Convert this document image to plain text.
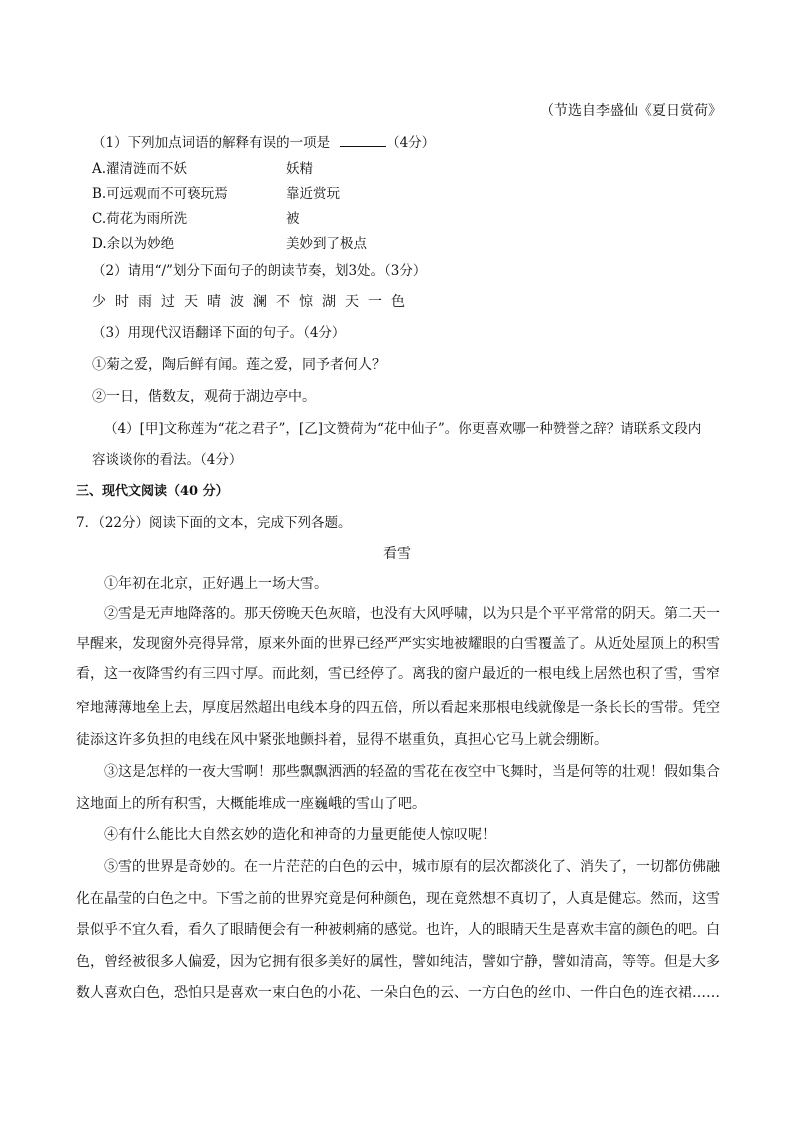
（节选自李盛仙《夏日赏荷》
（1）下列加点词语的解释有误的一项是	（4分）
A.濯清涟而不妖	妖精
B.可远观而不可亵玩焉	靠近赏玩
C.荷花为雨所洗	被
D.余以为妙绝	美妙到了极点
（2）请用“/”划分下面句子的朗读节奏，划3处。（3分）
少时雨过天晴波澜不惊湖天一色
（3）用现代汉语翻译下面的句子。（4分）
①菊之爱，陶后鲜有闻。莲之爱，同予者何人？
②一日，偕数友，观荷于湖边亭中。
（4）[甲]文称莲为“花之君子”，[乙]文赞荷为“花中仙子”。你更喜欢哪一种赞誉之辞？请联系文段内
容谈谈你的看法。（4分）
三、现代文阅读（40 分）
7．（22分）阅读下面的文本，完成下列各题。
看雪
①年初在北京，正好遇上一场大雪。
②雪是无声地降落的。那天傍晚天色灰暗，也没有大风呼啸，以为只是个平平常常的阴天。第二天一
早醒来，发现窗外亮得异常，原来外面的世界已经严严实实地被耀眼的白雪覆盖了。从近处屋顶上的积雪
看，这一夜降雪约有三四寸厚。而此刻，雪已经停了。离我的窗户最近的一根电线上居然也积了雪，雪窄
窄地薄薄地垒上去，厚度居然超出电线本身的四五倍，所以看起来那根电线就像是一条长长的雪带。凭空
徒添这许多负担的电线在风中紧张地颤抖着，显得不堪重负，真担心它马上就会绷断。
③这是怎样的一夜大雪啊！那些飘飘洒洒的轻盈的雪花在夜空中飞舞时，当是何等的壮观！假如集合
这地面上的所有积雪，大概能堆成一座巍峨的雪山了吧。
④有什么能比大自然玄妙的造化和神奇的力量更能使人惊叹呢！
⑤雪的世界是奇妙的。在一片茫茫的白色的云中，城市原有的层次都淡化了、消失了，一切都仿佛融
化在晶莹的白色之中。下雪之前的世界究竟是何种颜色，现在竟然想不真切了，人真是健忘。然而，这雪
景似乎不宜久看，看久了眼睛便会有一种被刺痛的感觉。也许，人的眼睛天生是喜欢丰富的颜色的吧。白
色，曾经被很多人偏爱，因为它拥有很多美好的属性，譬如纯洁，譬如宁静，譬如清高，等等。但是大多
数人喜欢白色，恐怕只是喜欢一束白色的小花、一朵白色的云、一方白色的丝巾、一件白色的连衣裙……
